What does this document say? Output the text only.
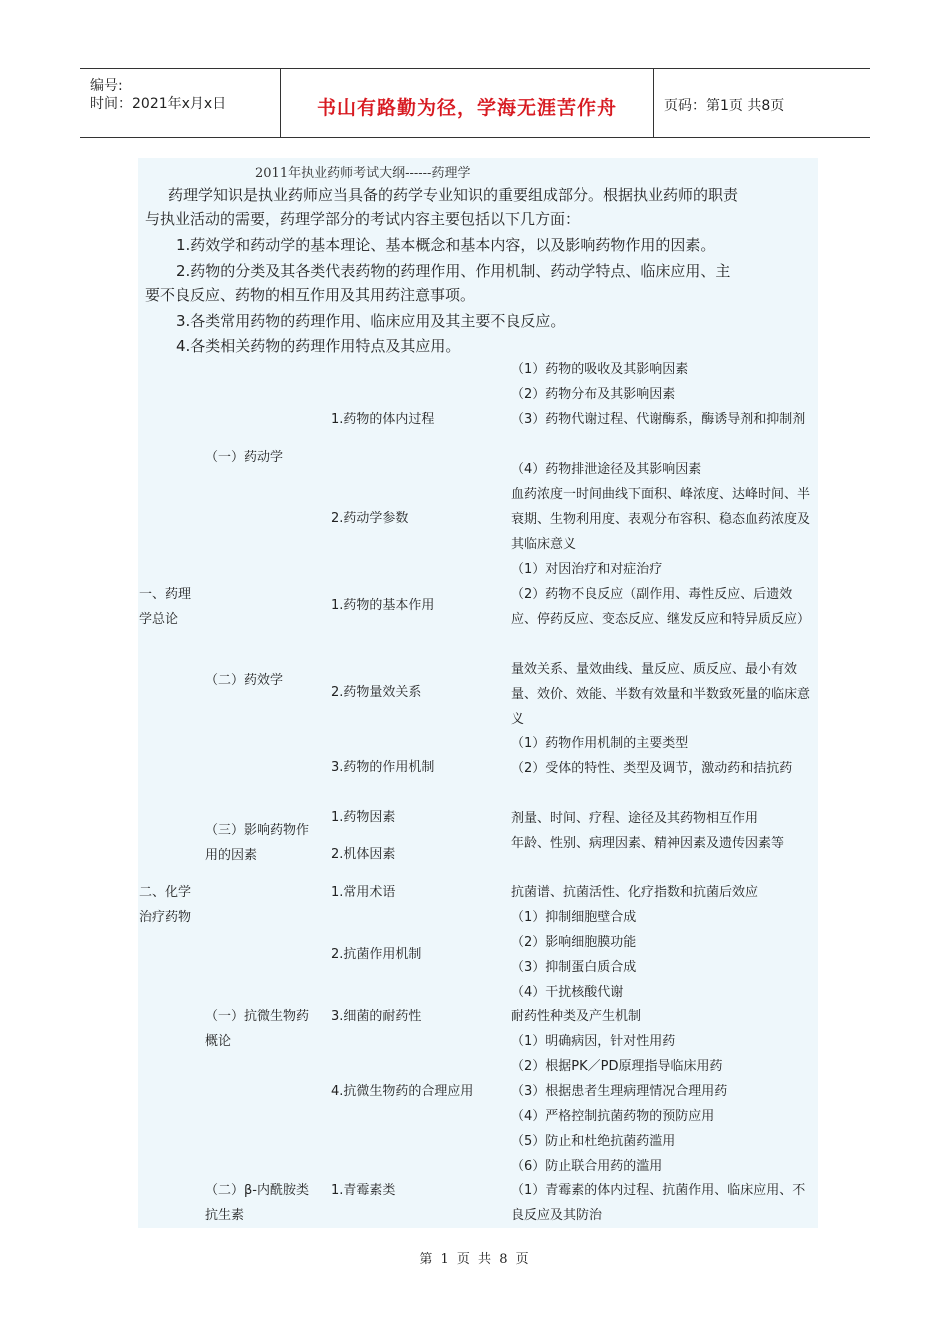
编号:
时间：2021年x月x日	书山有路勤为径，学海无涯苦作舟	页码：第1页 共8页
2011年执业药师考试大纲------药理学
药理学知识是执业药师应当具备的药学专业知识的重要组成部分。根据执业药师的职责
与执业活动的需要，药理学部分的考试内容主要包括以下几方面：
1.药效学和药动学的基本理论、基本概念和基本内容，以及影响药物作用的因素。
2.药物的分类及其各类代表药物的药理作用、作用机制、药动学特点、临床应用、主
要不良反应、药物的相互作用及其用药注意事项。
3.各类常用药物的药理作用、临床应用及其主要不良反应。
4.各类相关药物的药理作用特点及其应用。
一、药理学总论
二、化学治疗药物
（一）药动学
（二）药效学
（三）影响药物作用的因素
（一）抗微生物药概论
（二）β-内酰胺类抗生素
1.药物的体内过程
2.药动学参数
1.药物的基本作用
2.药物量效关系
3.药物的作用机制
1.药物因素
2.机体因素
1.常用术语
2.抗菌作用机制
3.细菌的耐药性
4.抗微生物药的合理应用
1.青霉素类
（1）药物的吸收及其影响因素
（2）药物分布及其影响因素
（3）药物代谢过程、代谢酶系，酶诱导剂和抑制剂
（4）药物排泄途径及其影响因素
血药浓度一时间曲线下面积、峰浓度、达峰时间、半衰期、生物利用度、表观分布容积、稳态血药浓度及其临床意义
（1）对因治疗和对症治疗
（2）药物不良反应（副作用、毒性反应、后遗效应、停药反应、变态反应、继发反应和特异质反应）
量效关系、量效曲线、量反应、质反应、最小有效量、效价、效能、半数有效量和半数致死量的临床意义
（1）药物作用机制的主要类型
（2）受体的特性、类型及调节，激动药和拮抗药
剂量、时间、疗程、途径及其药物相互作用
年龄、性别、病理因素、精神因素及遗传因素等
抗菌谱、抗菌活性、化疗指数和抗菌后效应
（1）抑制细胞壁合成
（2）影响细胞膜功能
（3）抑制蛋白质合成
（4）干扰核酸代谢
耐药性种类及产生机制
（1）明确病因，针对性用药
（2）根据PK／PD原理指导临床用药
（3）根据患者生理病理情况合理用药
（4）严格控制抗菌药物的预防应用
（5）防止和杜绝抗菌药滥用
（6）防止联合用药的滥用
（1）青霉素的体内过程、抗菌作用、临床应用、不良反应及其防治
第 1 页 共 8 页
